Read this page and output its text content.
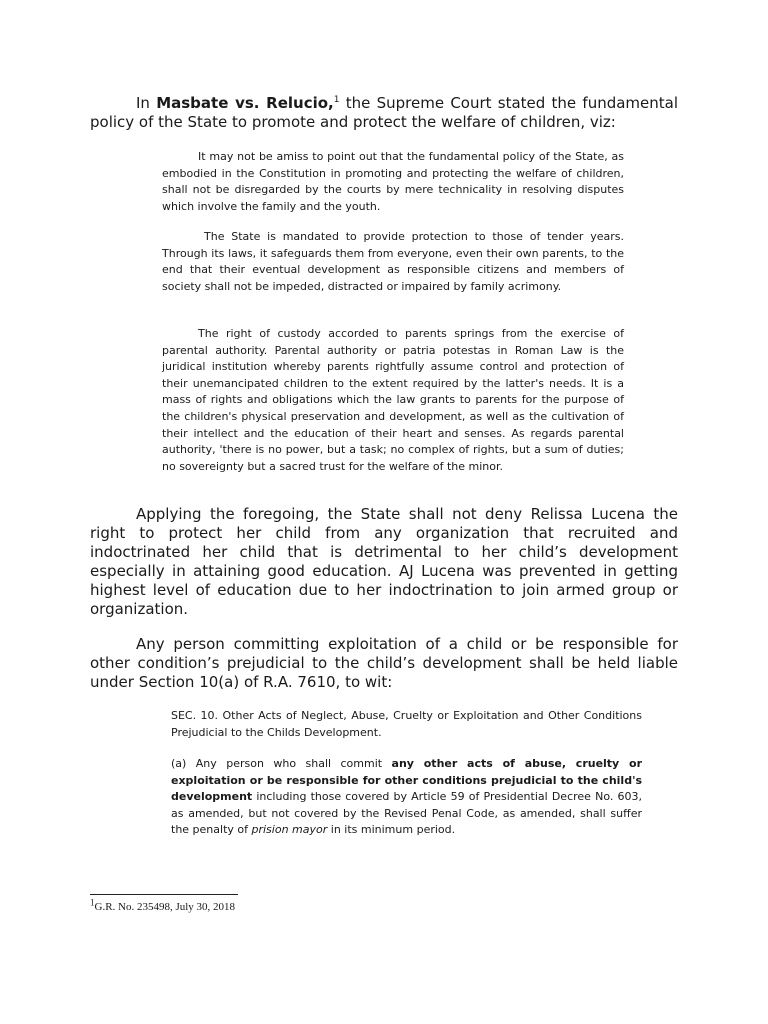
In Masbate vs. Relucio,$^1$ the Supreme Court stated the fundamental policy of the State to promote and protect the welfare of children, viz:

It may not be amiss to point out that the fundamental policy of the State, as embodied in the Constitution in promoting and protecting the welfare of children, shall not be disregarded by the courts by mere technicality in resolving disputes which involve the family and the youth.

The State is mandated to provide protection to those of tender years. Through its laws, it safeguards them from everyone, even their own parents, to the end that their eventual development as responsible citizens and members of society shall not be impeded, distracted or impaired by family acrimony.

The right of custody accorded to parents springs from the exercise of parental authority. Parental authority or patria potestas in Roman Law is the juridical institution whereby parents rightfully assume control and protection of their unemancipated children to the extent required by the latter's needs. It is a mass of rights and obligations which the law grants to parents for the purpose of the children's physical preservation and development, as well as the cultivation of their intellect and the education of their heart and senses. As regards parental authority, 'there is no power, but a task; no complex of rights, but a sum of duties; no sovereignty but a sacred trust for the welfare of the minor.

Applying the foregoing, the State shall not deny Relissa Lucena the right to protect her child from any organization that recruited and indoctrinated her child that is detrimental to her child’s development especially in attaining good education. AJ Lucena was prevented in getting highest level of education due to her indoctrination to join armed group or organization.

Any person committing exploitation of a child or be responsible for other condition’s prejudicial to the child’s development shall be held liable under Section 10(a) of R.A. 7610, to wit:

SEC. 10. Other Acts of Neglect, Abuse, Cruelty or Exploitation and Other Conditions Prejudicial to the Childs Development.

(a) Any person who shall commit any other acts of abuse, cruelty or exploitation or be responsible for other conditions prejudicial to the child's development including those covered by Article 59 of Presidential Decree No. 603, as amended, but not covered by the Revised Penal Code, as amended, shall suffer the penalty of prision mayor in its minimum period.

$^1$G.R. No. 235498, July 30, 2018
